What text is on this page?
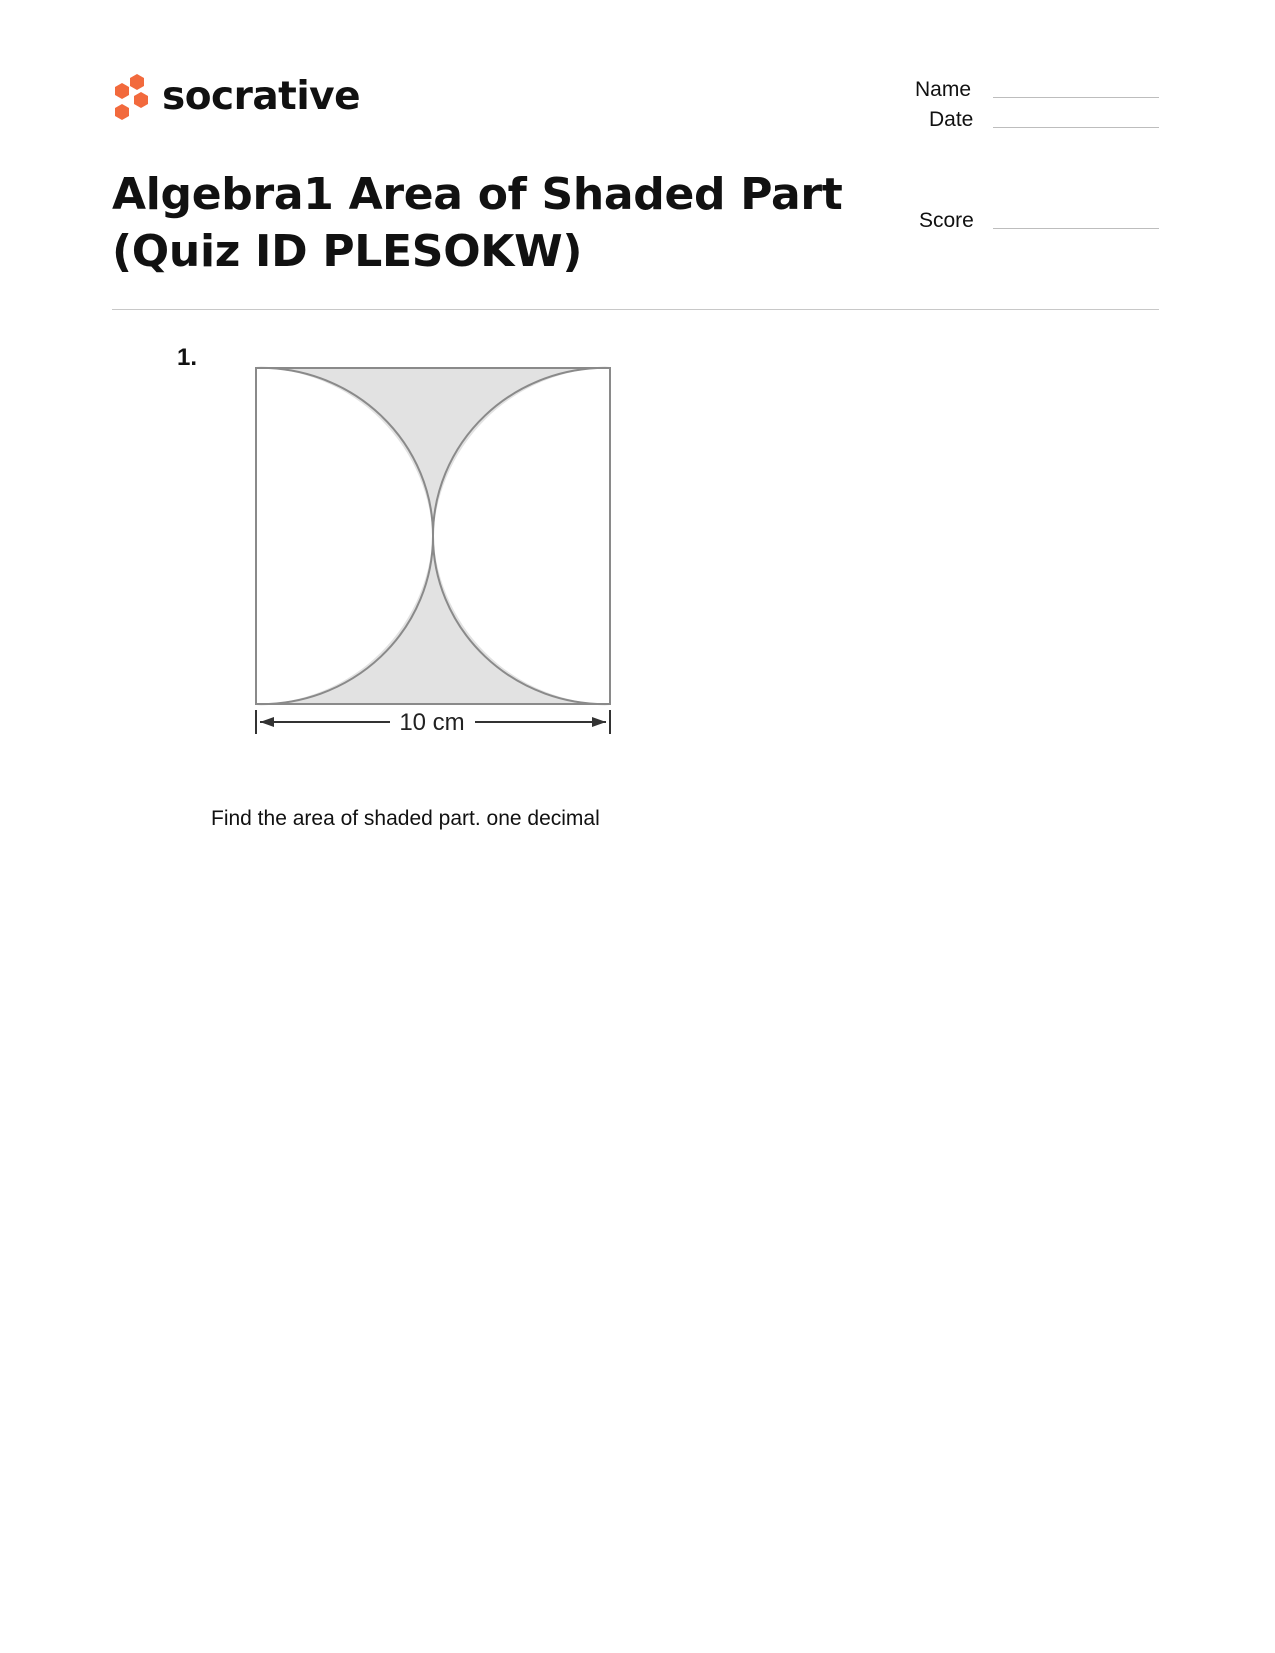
socrative
Algebra1 Area of Shaded Part (Quiz ID PLESOKW)
Name
Date
Score
1.
10 cm
Find the area of shaded part. one decimal
